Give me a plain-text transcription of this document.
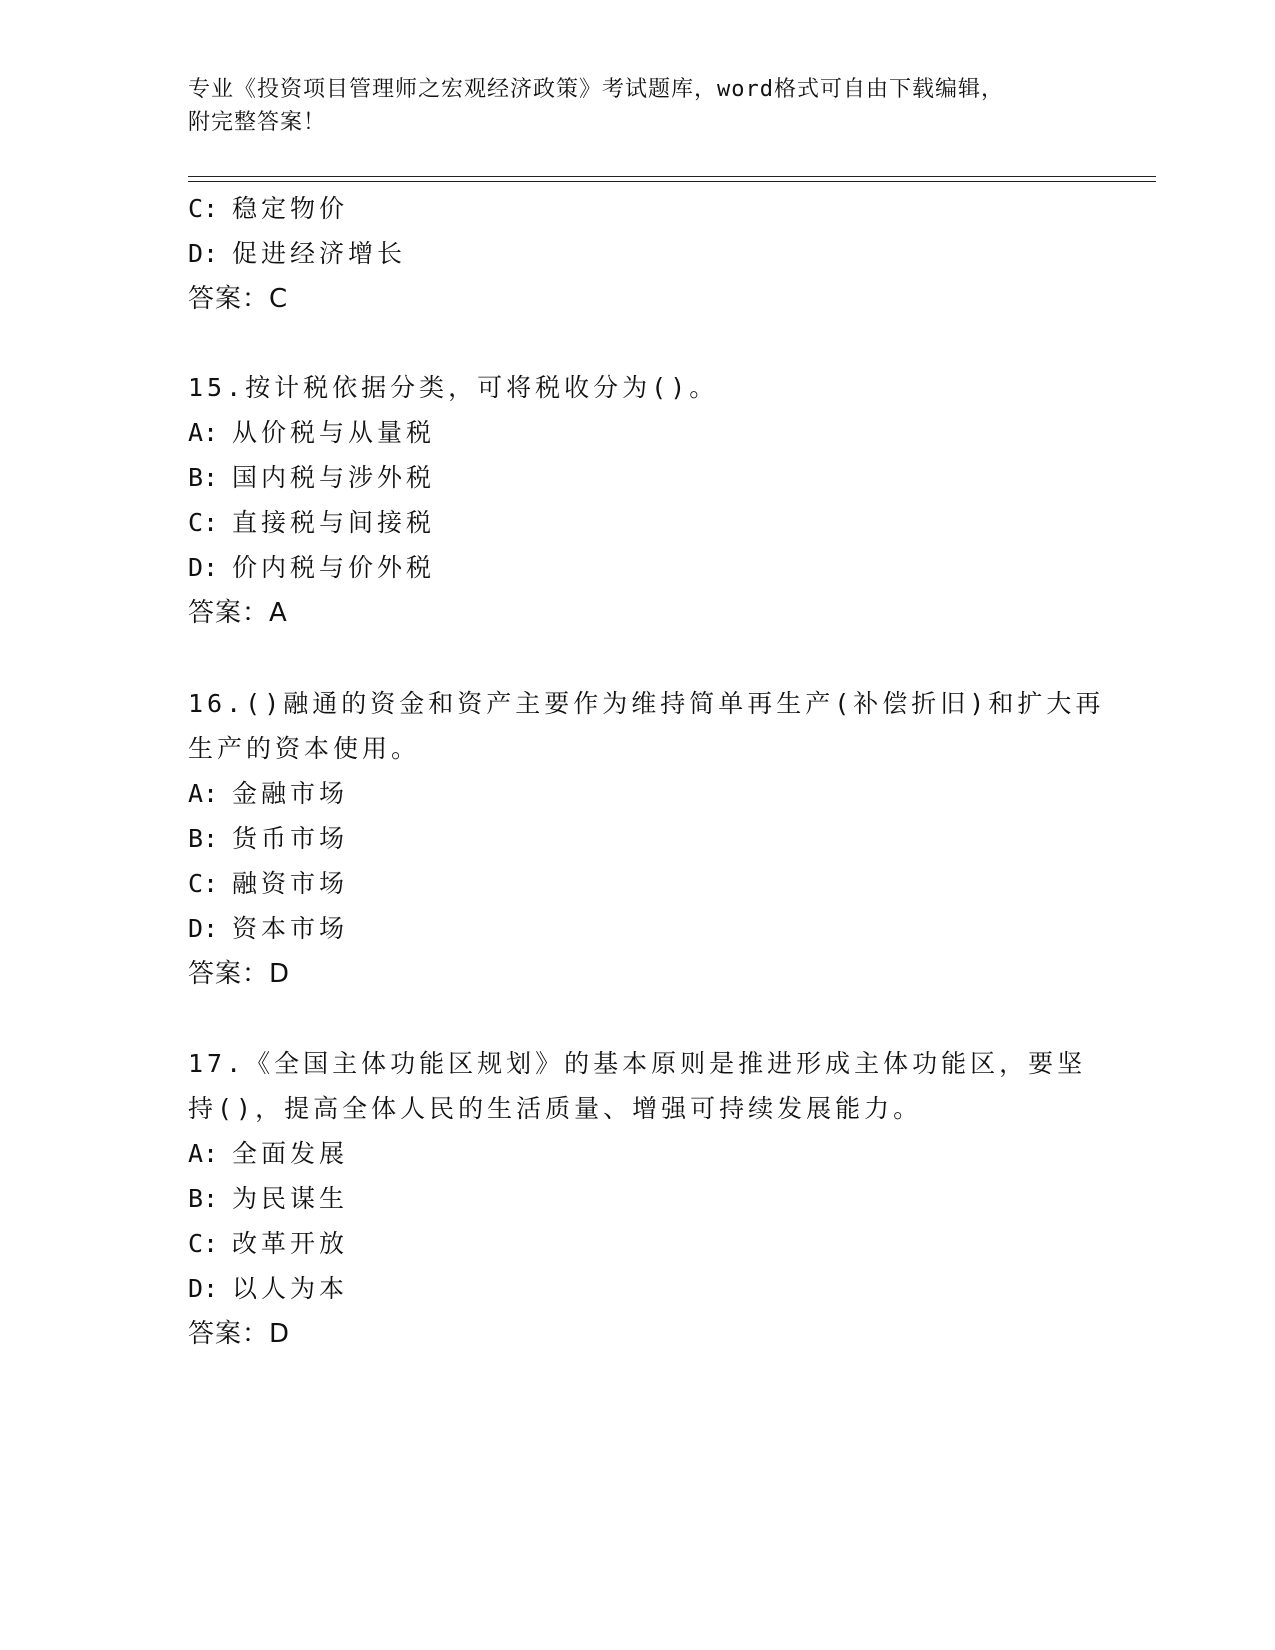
专业《投资项目管理师之宏观经济政策》考试题库，word格式可自由下载编辑，
附完整答案！
C: 稳定物价
D: 促进经济增长
答案：C
15.按计税依据分类，可将税收分为()。
A: 从价税与从量税
B: 国内税与涉外税
C: 直接税与间接税
D: 价内税与价外税
答案：A
16.()融通的资金和资产主要作为维持简单再生产(补偿折旧)和扩大再
生产的资本使用。
A: 金融市场
B: 货币市场
C: 融资市场
D: 资本市场
答案：D
17.《全国主体功能区规划》的基本原则是推进形成主体功能区，要坚
持()，提高全体人民的生活质量、增强可持续发展能力。
A: 全面发展
B: 为民谋生
C: 改革开放
D: 以人为本
答案：D
